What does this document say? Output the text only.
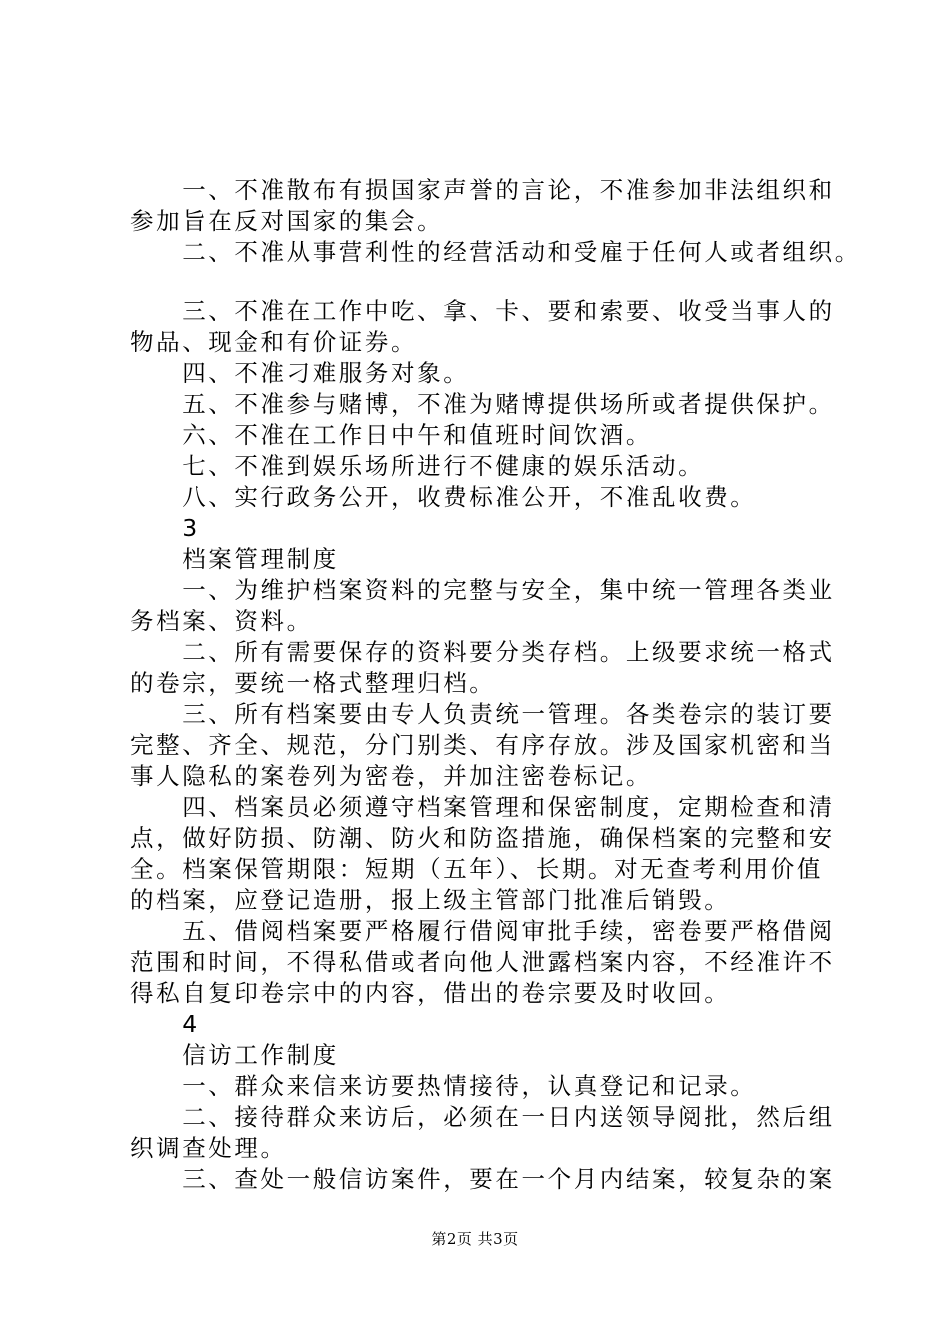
　　一、不准散布有损国家声誉的言论，不准参加非法组织和
参加旨在反对国家的集会。
　　二、不准从事营利性的经营活动和受雇于任何人或者组织。
　　三、不准在工作中吃、拿、卡、要和索要、收受当事人的
物品、现金和有价证券。
　　四、不准刁难服务对象。
　　五、不准参与赌博，不准为赌博提供场所或者提供保护。
　　六、不准在工作日中午和值班时间饮酒。
　　七、不准到娱乐场所进行不健康的娱乐活动。
　　八、实行政务公开，收费标准公开，不准乱收费。
　　3
　　档案管理制度
　　一、为维护档案资料的完整与安全，集中统一管理各类业
务档案、资料。
　　二、所有需要保存的资料要分类存档。上级要求统一格式
的卷宗，要统一格式整理归档。
　　三、所有档案要由专人负责统一管理。各类卷宗的装订要
完整、齐全、规范，分门别类、有序存放。涉及国家机密和当
事人隐私的案卷列为密卷，并加注密卷标记。
　　四、档案员必须遵守档案管理和保密制度，定期检查和清
点，做好防损、防潮、防火和防盗措施，确保档案的完整和安
全。档案保管期限：短期（五年）、长期。对无查考利用价值
的档案，应登记造册，报上级主管部门批准后销毁。
　　五、借阅档案要严格履行借阅审批手续，密卷要严格借阅
范围和时间，不得私借或者向他人泄露档案内容，不经准许不
得私自复印卷宗中的内容，借出的卷宗要及时收回。
　　4
　　信访工作制度
　　一、群众来信来访要热情接待，认真登记和记录。
　　二、接待群众来访后，必须在一日内送领导阅批，然后组
织调查处理。
　　三、查处一般信访案件，要在一个月内结案，较复杂的案
第2页 共3页
